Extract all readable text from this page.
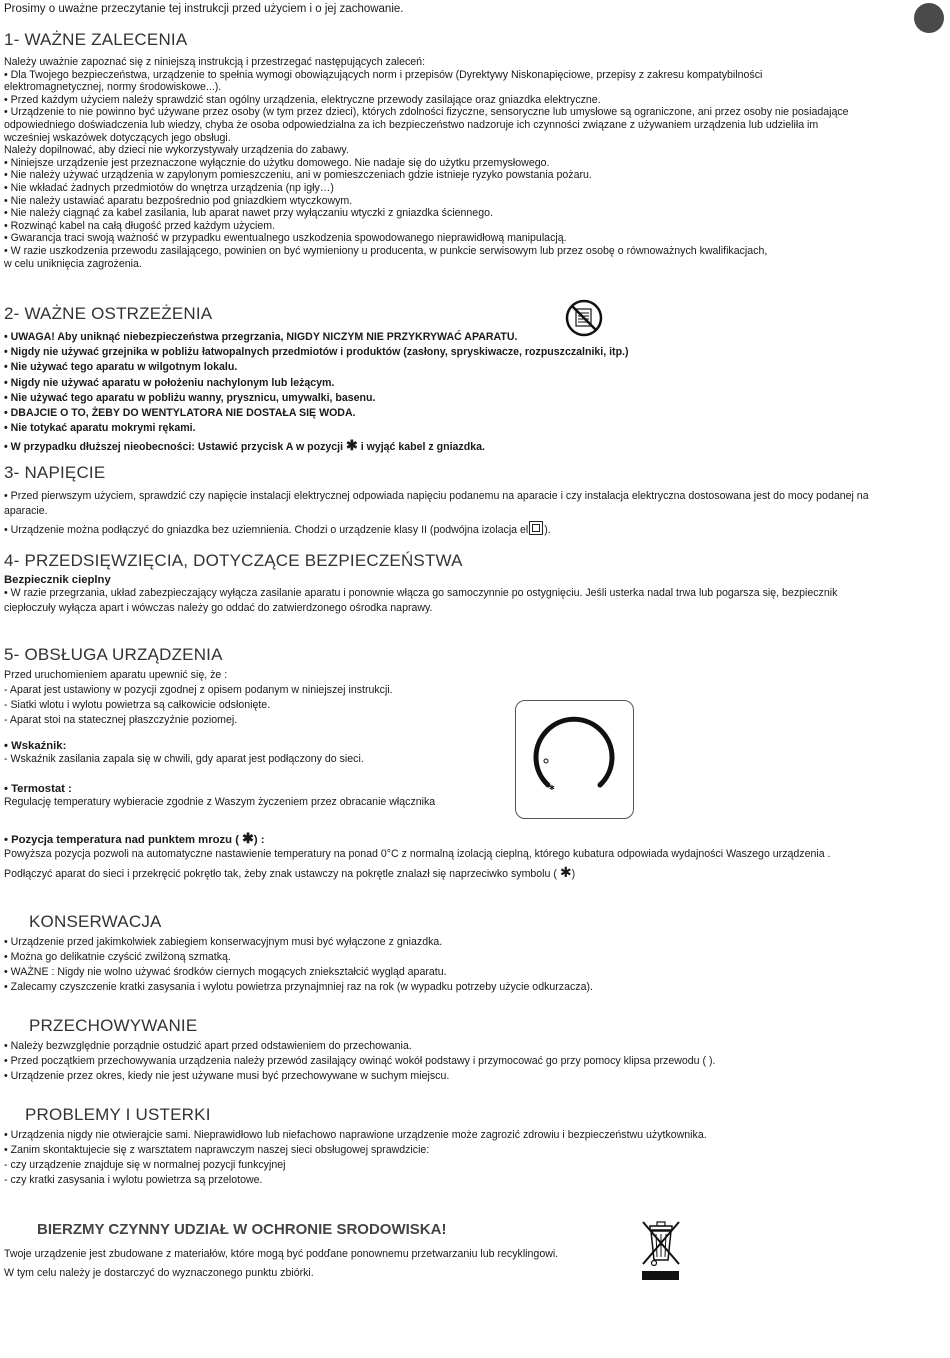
Prosimy o uważne przeczytanie tej instrukcji przed użyciem i o jej zachowanie.
1- WAŻNE ZALECENIA
Należy uważnie zapoznać się z niniejszą instrukcją i przestrzegać następujących zaleceń:
• Dla Twojego bezpieczeństwa, urządzenie to spełnia wymogi obowiązujących norm i przepisów (Dyrektywy Niskonapięciowe, przepisy z zakresu kompatybilności
elektromagnetycznej, normy środowiskowe...).
• Przed każdym użyciem należy sprawdzić stan ogólny urządzenia, elektryczne przewody zasilające oraz gniazdka elektryczne.
• Urządzenie to nie powinno być używane przez osoby (w tym przez dzieci), których zdolności fizyczne, sensoryczne lub umysłowe są ograniczone, ani przez osoby nie posiadające
odpowiedniego doświadczenia lub wiedzy, chyba że osoba odpowiedzialna za ich bezpieczeństwo nadzoruje ich czynności związane z używaniem urządzenia lub udzieliła im
wcześniej wskazówek dotyczących jego obsługi.
Należy dopilnować, aby dzieci nie wykorzystywały urządzenia do zabawy.
• Niniejsze urządzenie jest przeznaczone wyłącznie do użytku domowego. Nie nadaje się do użytku przemysłowego.
• Nie należy używać urządzenia w zapylonym pomieszczeniu, ani w pomieszczeniach gdzie istnieje ryzyko powstania pożaru.
• Nie wkładać żadnych przedmiotów do wnętrza urządzenia (np igły…)
• Nie należy ustawiać aparatu bezpośrednio pod gniazdkiem wtyczkowym.
• Nie należy ciągnąć za kabel zasilania, lub aparat nawet przy wyłączaniu wtyczki z gniazdka ściennego.
• Rozwinąć kabel na całą długość przed każdym użyciem.
• Gwarancja traci swoją ważność w przypadku ewentualnego uszkodzenia spowodowanego nieprawidłową manipulacją.
• W razie uszkodzenia przewodu zasilającego, powinien on być wymieniony u producenta, w punkcie serwisowym lub przez osobę o równoważnych kwalifikacjach,
w celu uniknięcia zagrożenia.
2- WAŻNE OSTRZEŻENIA
• UWAGA! Aby uniknąć niebezpieczeństwa przegrzania, NIGDY NICZYM NIE PRZYKRYWAĆ APARATU.
• Nigdy nie używać grzejnika w pobliżu łatwopalnych przedmiotów i produktów (zasłony, spryskiwacze, rozpuszczalniki, itp.)
• Nie używać tego aparatu w wilgotnym lokalu.
• Nigdy nie używać aparatu w położeniu nachylonym lub leżącym.
• Nie używać tego aparatu w pobliżu wanny, prysznicu, umywalki, basenu.
• DBAJCIE O TO, ŻEBY DO WENTYLATORA NIE DOSTAŁA SIĘ WODA.
• Nie totykać aparatu mokrymi rękami.
• W przypadku dłuższej nieobecności: Ustawić przycisk A w pozycji ✱ i wyjąć kabel z gniazdka.
3- NAPIĘCIE
• Przed pierwszym użyciem, sprawdzić czy napięcie instalacji elektrycznej odpowiada napięciu podanemu na aparacie i czy instalacja elektryczna dostosowana jest do mocy podanej na
aparacie.
• Urządzenie można podłączyć do gniazdka bez uziemnienia. Chodzi o urządzenie klasy II (podwójna izolacja el ).
4- PRZEDSIĘWZIĘCIA, DOTYCZĄCE BEZPIECZEŃSTWA
Bezpiecznik cieplny
• W razie przegrzania, układ zabezpieczający wyłącza zasilanie aparatu i ponownie włącza go samoczynnie po ostygnięciu. Jeśli usterka nadal trwa lub pogarsza się, bezpiecznik
ciepłoczuły wyłącza apart i wówczas należy go oddać do zatwierdzonego ośrodka naprawy.
5- OBSŁUGA URZĄDZENIA
Przed uruchomieniem aparatu upewnić się, że :
- Aparat jest ustawiony w pozycji zgodnej z opisem podanym w niniejszej instrukcji.
- Siatki wlotu i wylotu powietrza są całkowicie odsłonięte.
- Aparat stoi na statecznej płaszczyźnie poziomej.
• Wskaźnik:
- Wskaźnik zasilania zapala się w chwili, gdy aparat jest podłączony do sieci.
• Termostat :
Regulację temperatury wybieracie zgodnie z Waszym życzeniem przez obracanie włącznika
• Pozycja temperatura nad punktem mrozu ( ✱) :
Powyższa pozycja pozwoli na automatyczne nastawienie temperatury na ponad 0°C z normalną izolacją cieplną, którego kubatura odpowiada wydajności Waszego urządzenia .
Podłączyć aparat do sieci i przekręcić pokrętło tak, żeby znak ustawczy na pokrętle znalazł się naprzeciwko symbolu ( ✱)
✱
KONSERWACJA
• Urządzenie przed jakimkolwiek zabiegiem konserwacyjnym musi być wyłączone z gniazdka.
• Można go delikatnie czyścić zwilżoną szmatką.
• WAŻNE : Nigdy nie wolno używać środków ciernych mogących zniekształcić wygląd aparatu.
• Zalecamy czyszczenie kratki zasysania i wylotu powietrza przynajmniej raz na rok (w wypadku potrzeby użycie odkurzacza).
PRZECHOWYWANIE
• Należy bezwzględnie porządnie ostudzić apart przed odstawieniem do przechowania.
• Przed początkiem przechowywania urządzenia należy przewód zasilający owinąć wokół podstawy i przymocować go przy pomocy klipsa przewodu ( ).
• Urządzenie przez okres, kiedy nie jest używane musi być przechowywane w suchym miejscu.
PROBLEMY I USTERKI
• Urządzenia nigdy nie otwierajcie sami. Nieprawidłowo lub niefachowo naprawione urządzenie może zagrozić zdrowiu i bezpieczeństwu użytkownika.
• Zanim skontaktujecie się z warsztatem naprawczym naszej sieci obsługowej sprawdzicie:
- czy urządzenie znajduje się w normalnej pozycji funkcyjnej
- czy kratki zasysania i wylotu powietrza są przelotowe.
BIERZMY CZYNNY UDZIAŁ W OCHRONIE SRODOWISKA!
Twoje urządzenie jest zbudowane z materiałów, które mogą być podďane ponownemu przetwarzaniu lub recyklingowi.
W tym celu należy je dostarczyć do wyznaczonego punktu zbiórki.
